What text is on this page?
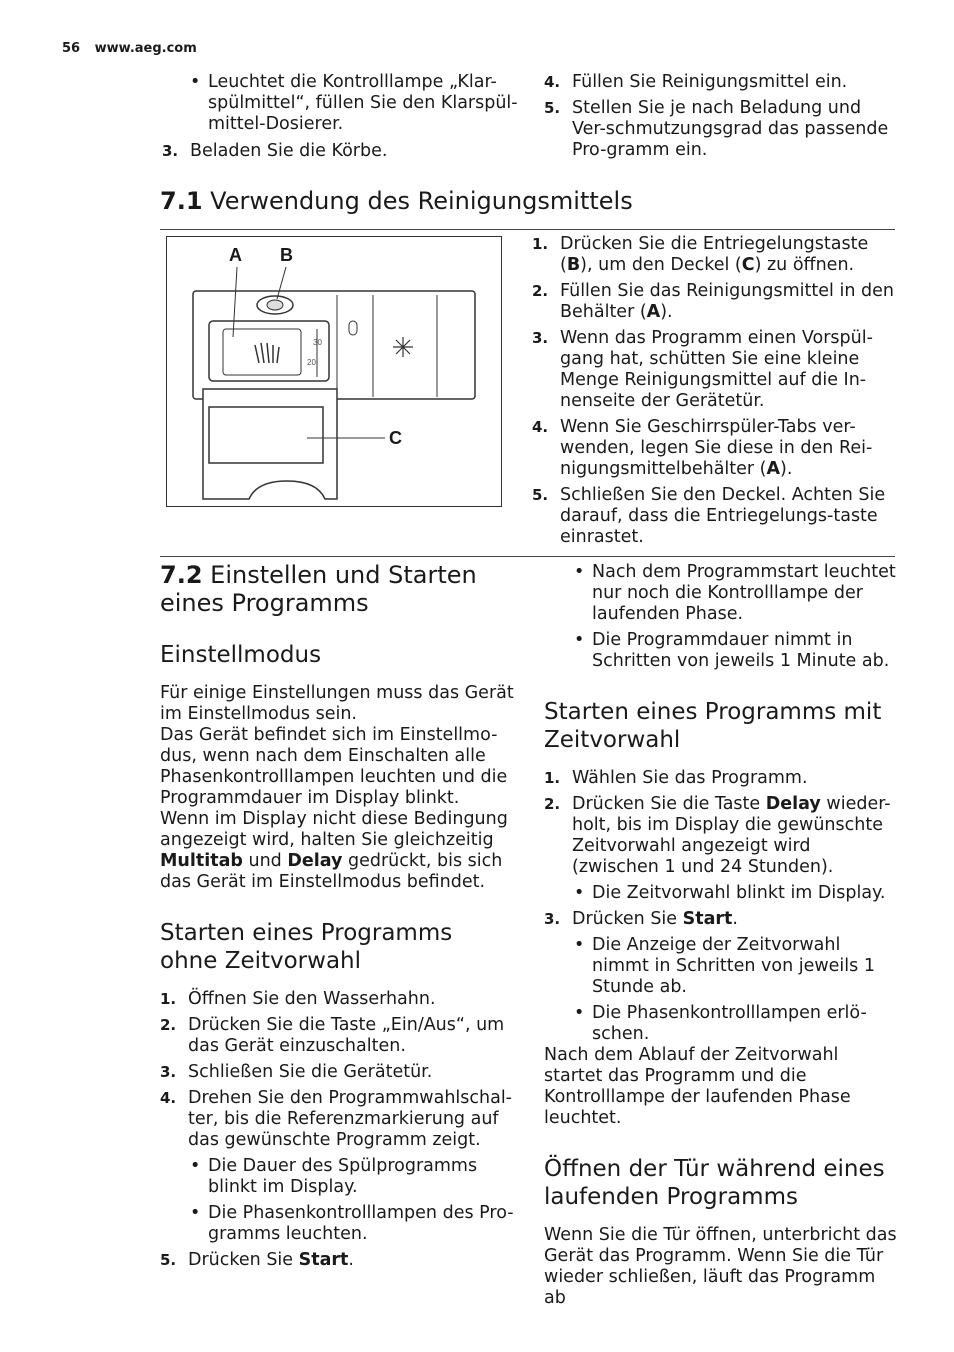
56 www.aeg.com
• Leuchtet die Kontrolllampe „Klar-spülmittel“, füllen Sie den Klarspül-mittel-Dosierer.
3. Beladen Sie die Körbe.
4. Füllen Sie Reinigungsmittel ein.
5. Stellen Sie je nach Beladung und Ver-schmutzungsgrad das passende Pro-gramm ein.
7.1 Verwendung des Reinigungsmittels
30
20
A B
C
1. Drücken Sie die Entriegelungstaste (B), um den Deckel (C) zu öffnen.
2. Füllen Sie das Reinigungsmittel in den Behälter (A).
3. Wenn das Programm einen Vorspül-gang hat, schütten Sie eine kleine Menge Reinigungsmittel auf die In-nenseite der Gerätetür.
4. Wenn Sie Geschirrspüler-Tabs ver-wenden, legen Sie diese in den Rei-nigungsmittelbehälter (A).
5. Schließen Sie den Deckel. Achten Sie darauf, dass die Entriegelungs-taste einrastet.
7.2 Einstellen und Starten eines Programms
Einstellmodus

Für einige Einstellungen muss das Gerät im Einstellmodus sein.

Das Gerät befindet sich im Einstellmo-dus, wenn nach dem Einschalten alle Phasenkontrolllampen leuchten und die Programmdauer im Display blinkt.

Wenn im Display nicht diese Bedingung angezeigt wird, halten Sie gleichzeitig Multitab und Delay gedrückt, bis sich das Gerät im Einstellmodus befindet.

Starten eines Programms ohne Zeitvorwahl
1. Öffnen Sie den Wasserhahn.
2. Drücken Sie die Taste „Ein/Aus“, um das Gerät einzuschalten.
3. Schließen Sie die Gerätetür.
4. Drehen Sie den Programmwahlschal-ter, bis die Referenzmarkierung auf das gewünschte Programm zeigt.
• Die Dauer des Spülprogramms blinkt im Display.
• Die Phasenkontrolllampen des Pro-gramms leuchten.
5. Drücken Sie Start.
• Nach dem Programmstart leuchtet nur noch die Kontrolllampe der laufenden Phase.
• Die Programmdauer nimmt in Schritten von jeweils 1 Minute ab.
Starten eines Programms mit Zeitvorwahl
1. Wählen Sie das Programm.
2. Drücken Sie die Taste Delay wieder-holt, bis im Display die gewünschte Zeitvorwahl angezeigt wird (zwischen 1 und 24 Stunden).
• Die Zeitvorwahl blinkt im Display.
3. Drücken Sie Start.
• Die Anzeige der Zeitvorwahl nimmt in Schritten von jeweils 1 Stunde ab.
• Die Phasenkontrolllampen erlö-schen.

Nach dem Ablauf der Zeitvorwahl startet das Programm und die Kontrolllampe der laufenden Phase leuchtet.

Öffnen der Tür während eines laufenden Programms

Wenn Sie die Tür öffnen, unterbricht das Gerät das Programm. Wenn Sie die Tür wieder schließen, läuft das Programm ab
